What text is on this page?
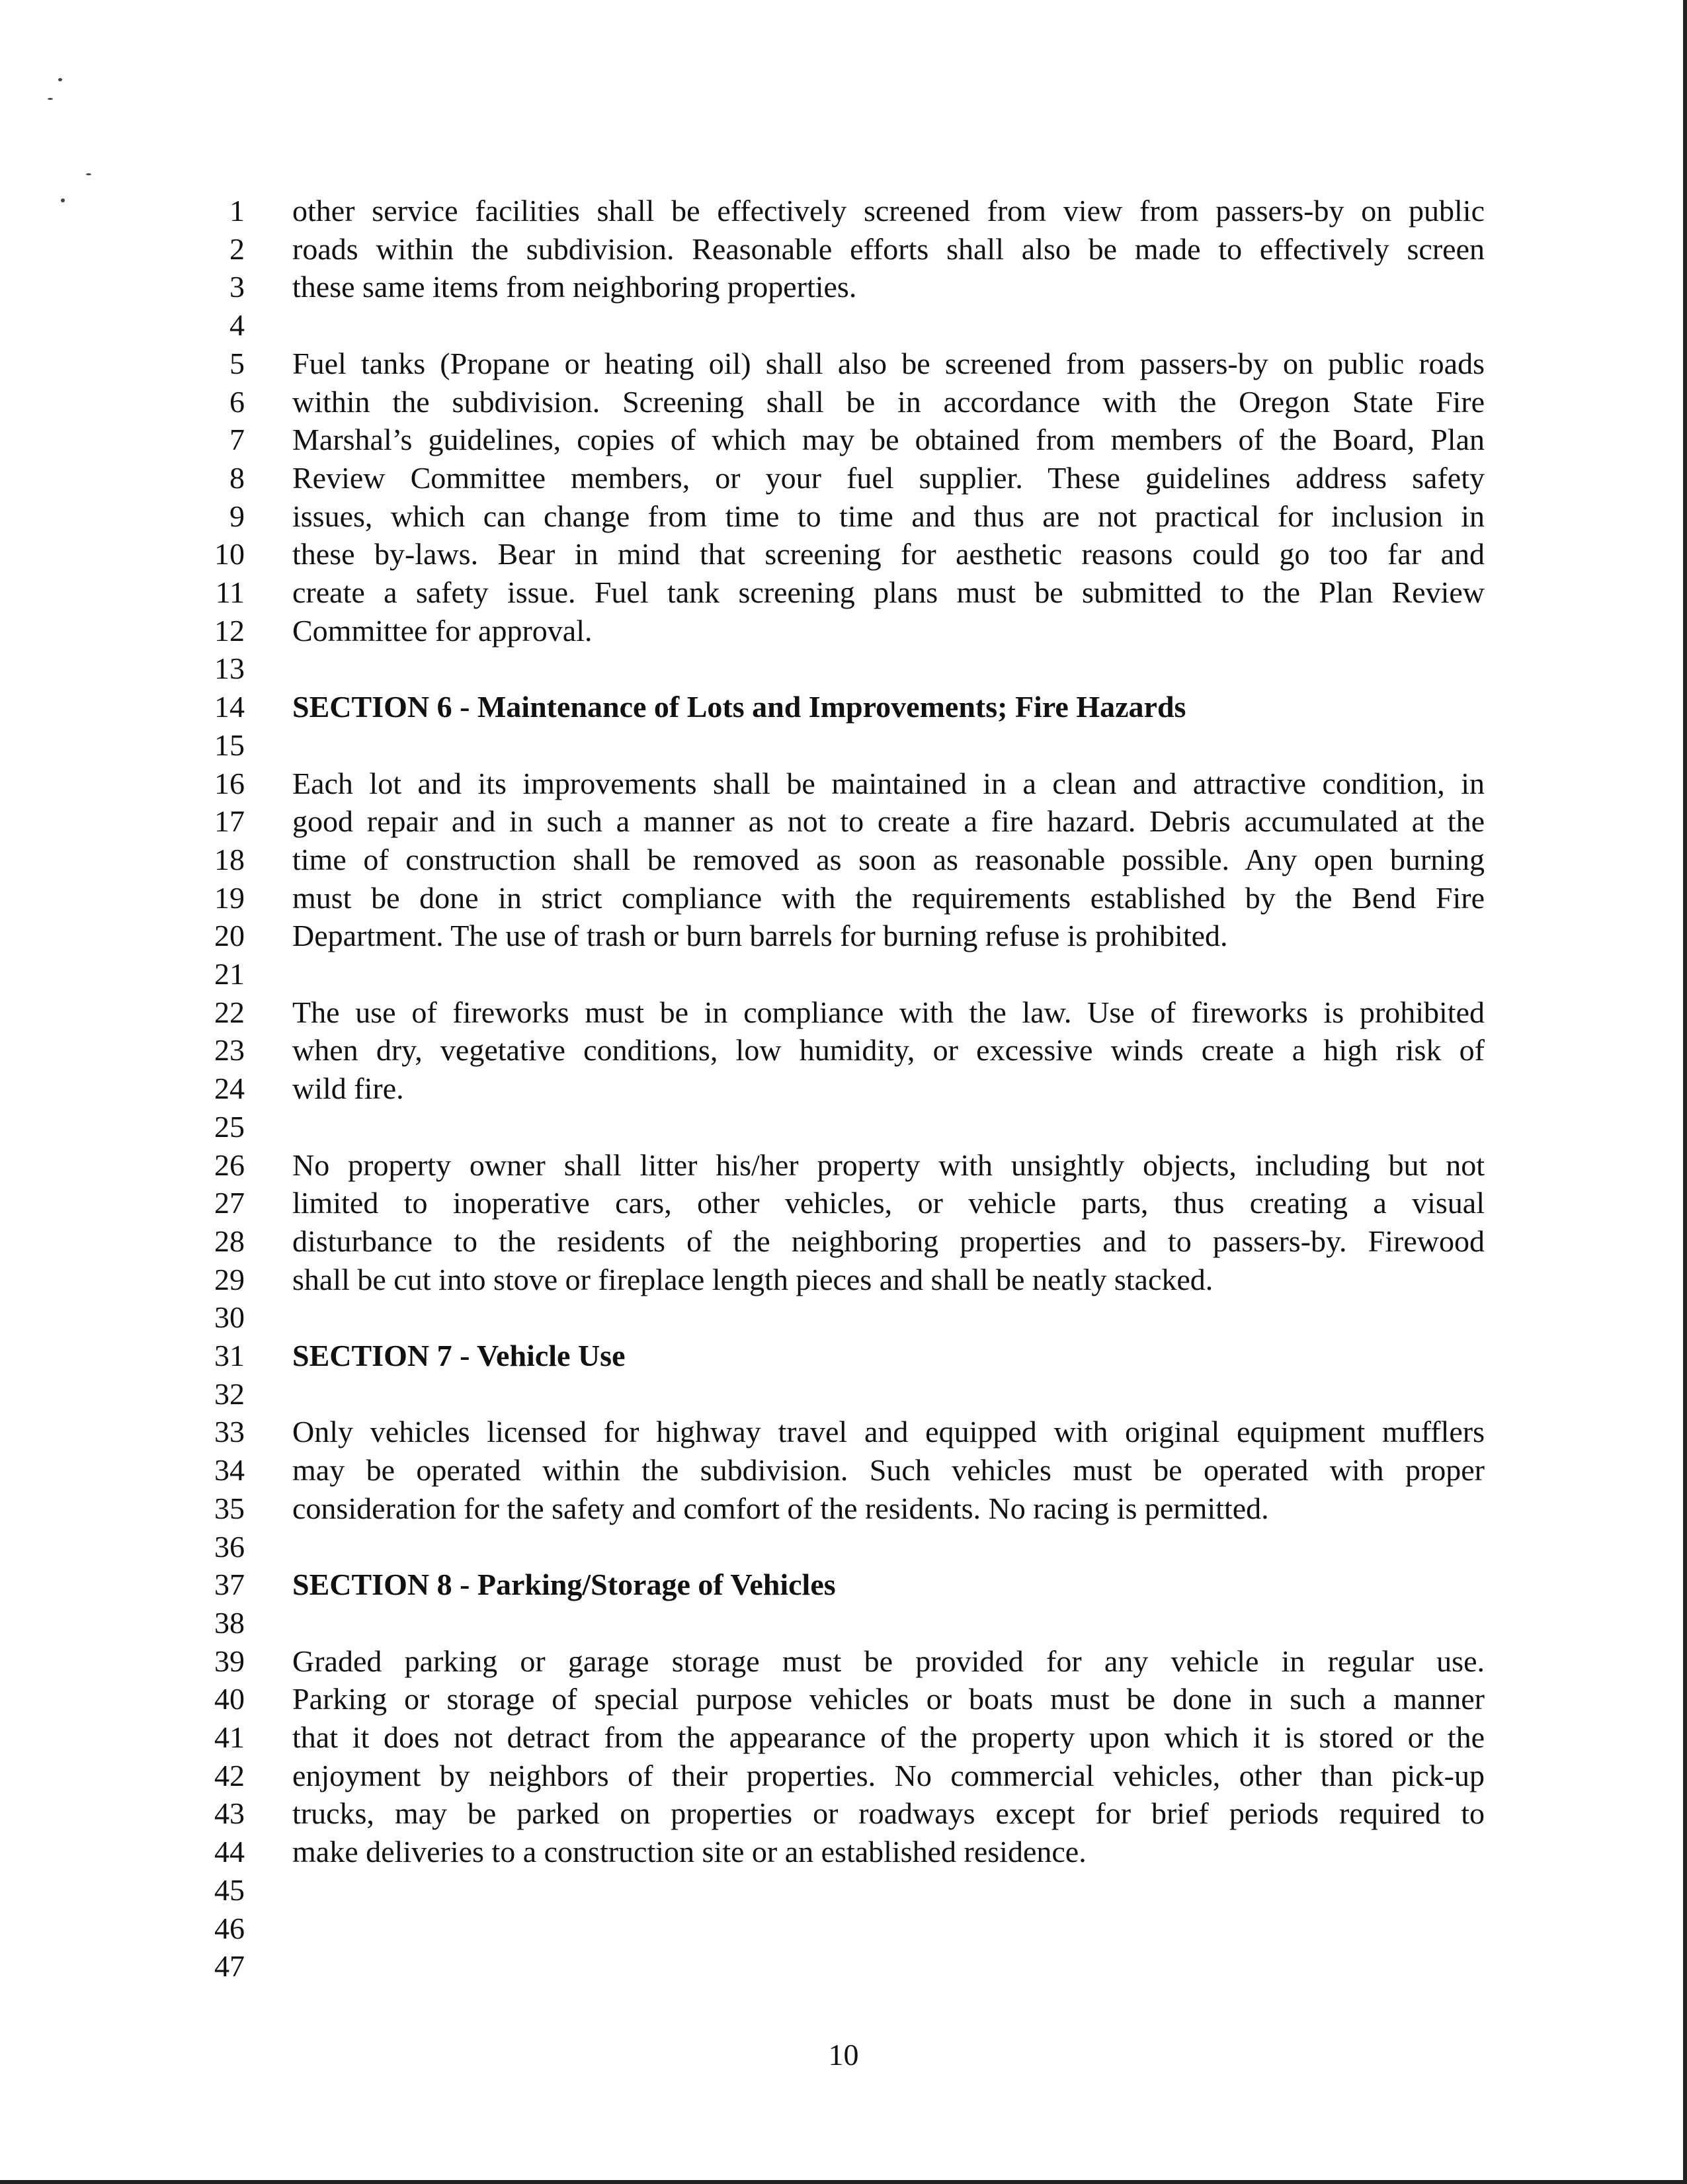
1 other service facilities shall be effectively screened from view from passers-by on public
2 roads within the subdivision. Reasonable efforts shall also be made to effectively screen
3 these same items from neighboring properties.
4
5 Fuel tanks (Propane or heating oil) shall also be screened from passers-by on public roads
6 within the subdivision. Screening shall be in accordance with the Oregon State Fire
7 Marshal’s guidelines, copies of which may be obtained from members of the Board, Plan
8 Review Committee members, or your fuel supplier. These guidelines address safety
9 issues, which can change from time to time and thus are not practical for inclusion in
10 these by-laws. Bear in mind that screening for aesthetic reasons could go too far and
11 create a safety issue. Fuel tank screening plans must be submitted to the Plan Review
12 Committee for approval.
13
14 SECTION 6 - Maintenance of Lots and Improvements; Fire Hazards
15
16 Each lot and its improvements shall be maintained in a clean and attractive condition, in
17 good repair and in such a manner as not to create a fire hazard. Debris accumulated at the
18 time of construction shall be removed as soon as reasonable possible. Any open burning
19 must be done in strict compliance with the requirements established by the Bend Fire
20 Department. The use of trash or burn barrels for burning refuse is prohibited.
21
22 The use of fireworks must be in compliance with the law. Use of fireworks is prohibited
23 when dry, vegetative conditions, low humidity, or excessive winds create a high risk of
24 wild fire.
25
26 No property owner shall litter his/her property with unsightly objects, including but not
27 limited to inoperative cars, other vehicles, or vehicle parts, thus creating a visual
28 disturbance to the residents of the neighboring properties and to passers-by. Firewood
29 shall be cut into stove or fireplace length pieces and shall be neatly stacked.
30
31 SECTION 7 - Vehicle Use
32
33 Only vehicles licensed for highway travel and equipped with original equipment mufflers
34 may be operated within the subdivision. Such vehicles must be operated with proper
35 consideration for the safety and comfort of the residents. No racing is permitted.
36
37 SECTION 8 - Parking/Storage of Vehicles
38
39 Graded parking or garage storage must be provided for any vehicle in regular use.
40 Parking or storage of special purpose vehicles or boats must be done in such a manner
41 that it does not detract from the appearance of the property upon which it is stored or the
42 enjoyment by neighbors of their properties. No commercial vehicles, other than pick-up
43 trucks, may be parked on properties or roadways except for brief periods required to
44 make deliveries to a construction site or an established residence.
45
46
47
10
